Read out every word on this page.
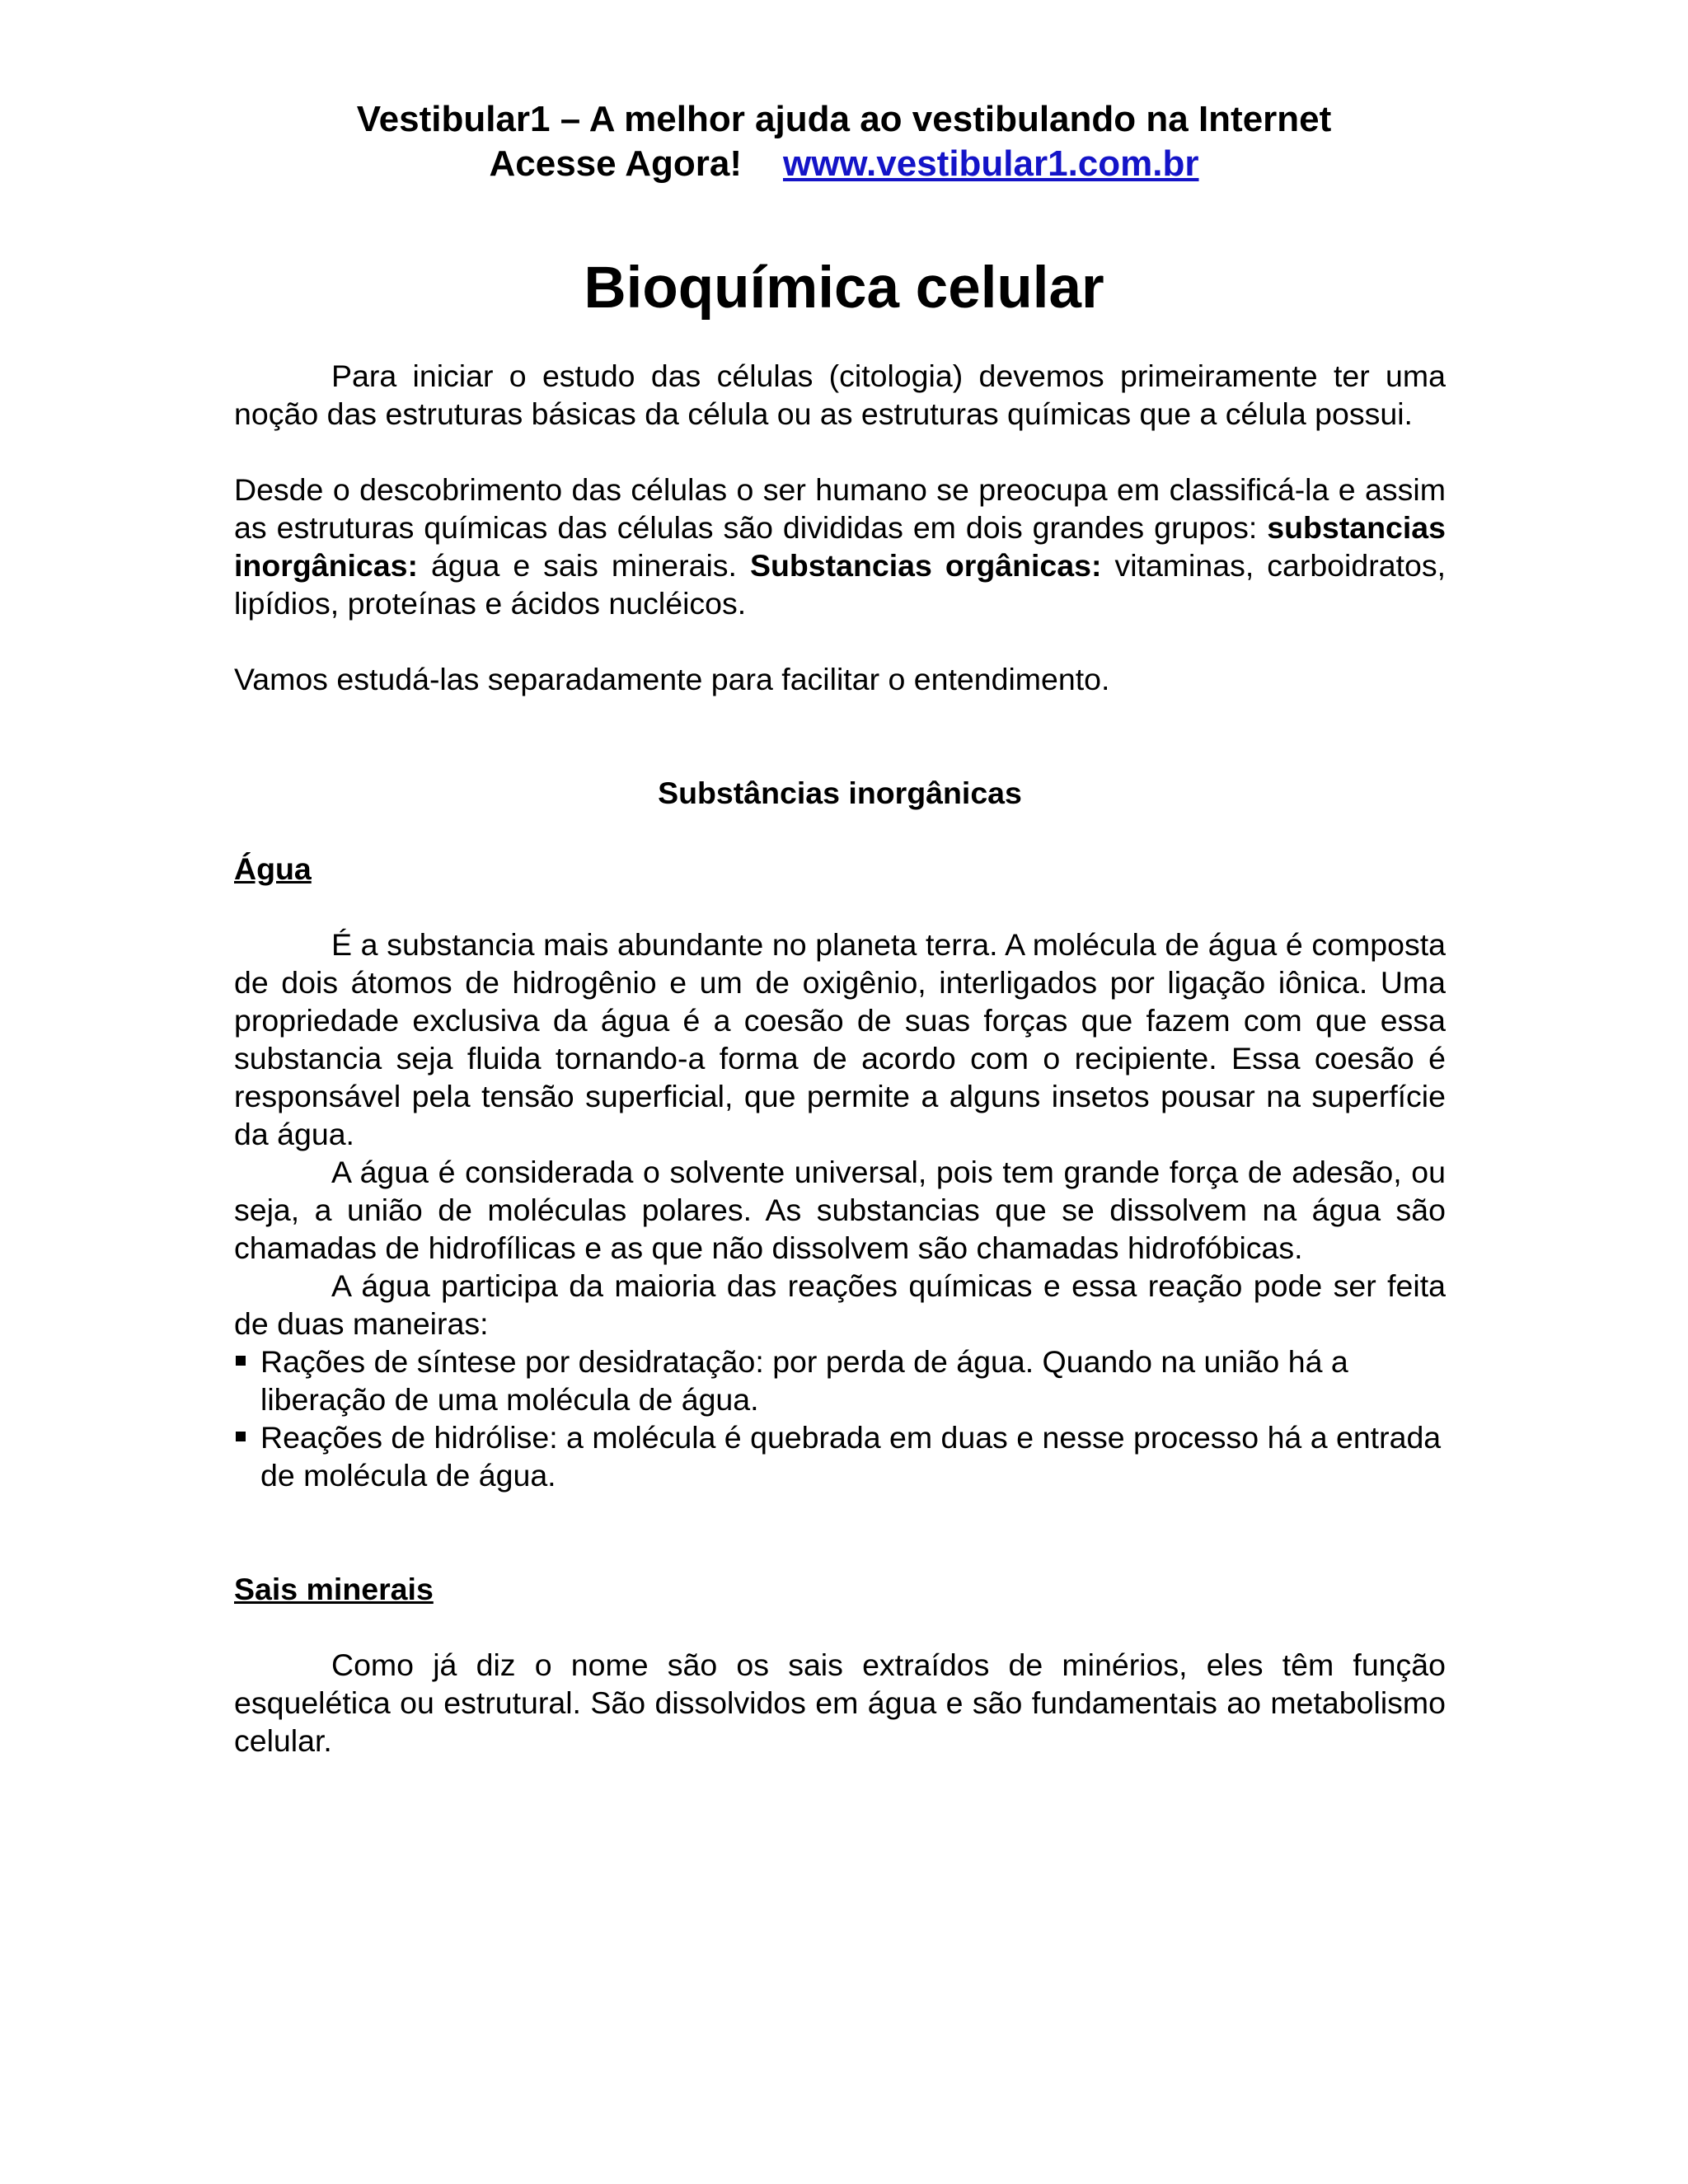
Vestibular1 – A melhor ajuda ao vestibulando na Internet
Acesse Agora! www.vestibular1.com.br
Bioquímica celular

Para iniciar o estudo das células (citologia) devemos primeiramente ter uma noção das estruturas básicas da célula ou as estruturas químicas que a célula possui.

Desde o descobrimento das células o ser humano se preocupa em classificá-la e assim as estruturas químicas das células são divididas em dois grandes grupos: substancias inorgânicas: água e sais minerais. Substancias orgânicas: vitaminas, carboidratos, lipídios, proteínas e ácidos nucléicos.

Vamos estudá-las separadamente para facilitar o entendimento.

Substâncias inorgânicas

Água

É a substancia mais abundante no planeta terra. A molécula de água é composta de dois átomos de hidrogênio e um de oxigênio, interligados por ligação iônica. Uma propriedade exclusiva da água é a coesão de suas forças que fazem com que essa substancia seja fluida tornando-a forma de acordo com o recipiente. Essa coesão é responsável pela tensão superficial, que permite a alguns insetos pousar na superfície da água.

A água é considerada o solvente universal, pois tem grande força de adesão, ou seja, a união de moléculas polares. As substancias que se dissolvem na água são chamadas de hidrofílicas e as que não dissolvem são chamadas hidrofóbicas.

A água participa da maioria das reações químicas e essa reação pode ser feita de duas maneiras:

Rações de síntese por desidratação: por perda de água. Quando na união há a liberação de uma molécula de água.
Reações de hidrólise: a molécula é quebrada em duas e nesse processo há a entrada de molécula de água.

Sais minerais

Como já diz o nome são os sais extraídos de minérios, eles têm função esquelética ou estrutural. São dissolvidos em água e são fundamentais ao metabolismo celular.
